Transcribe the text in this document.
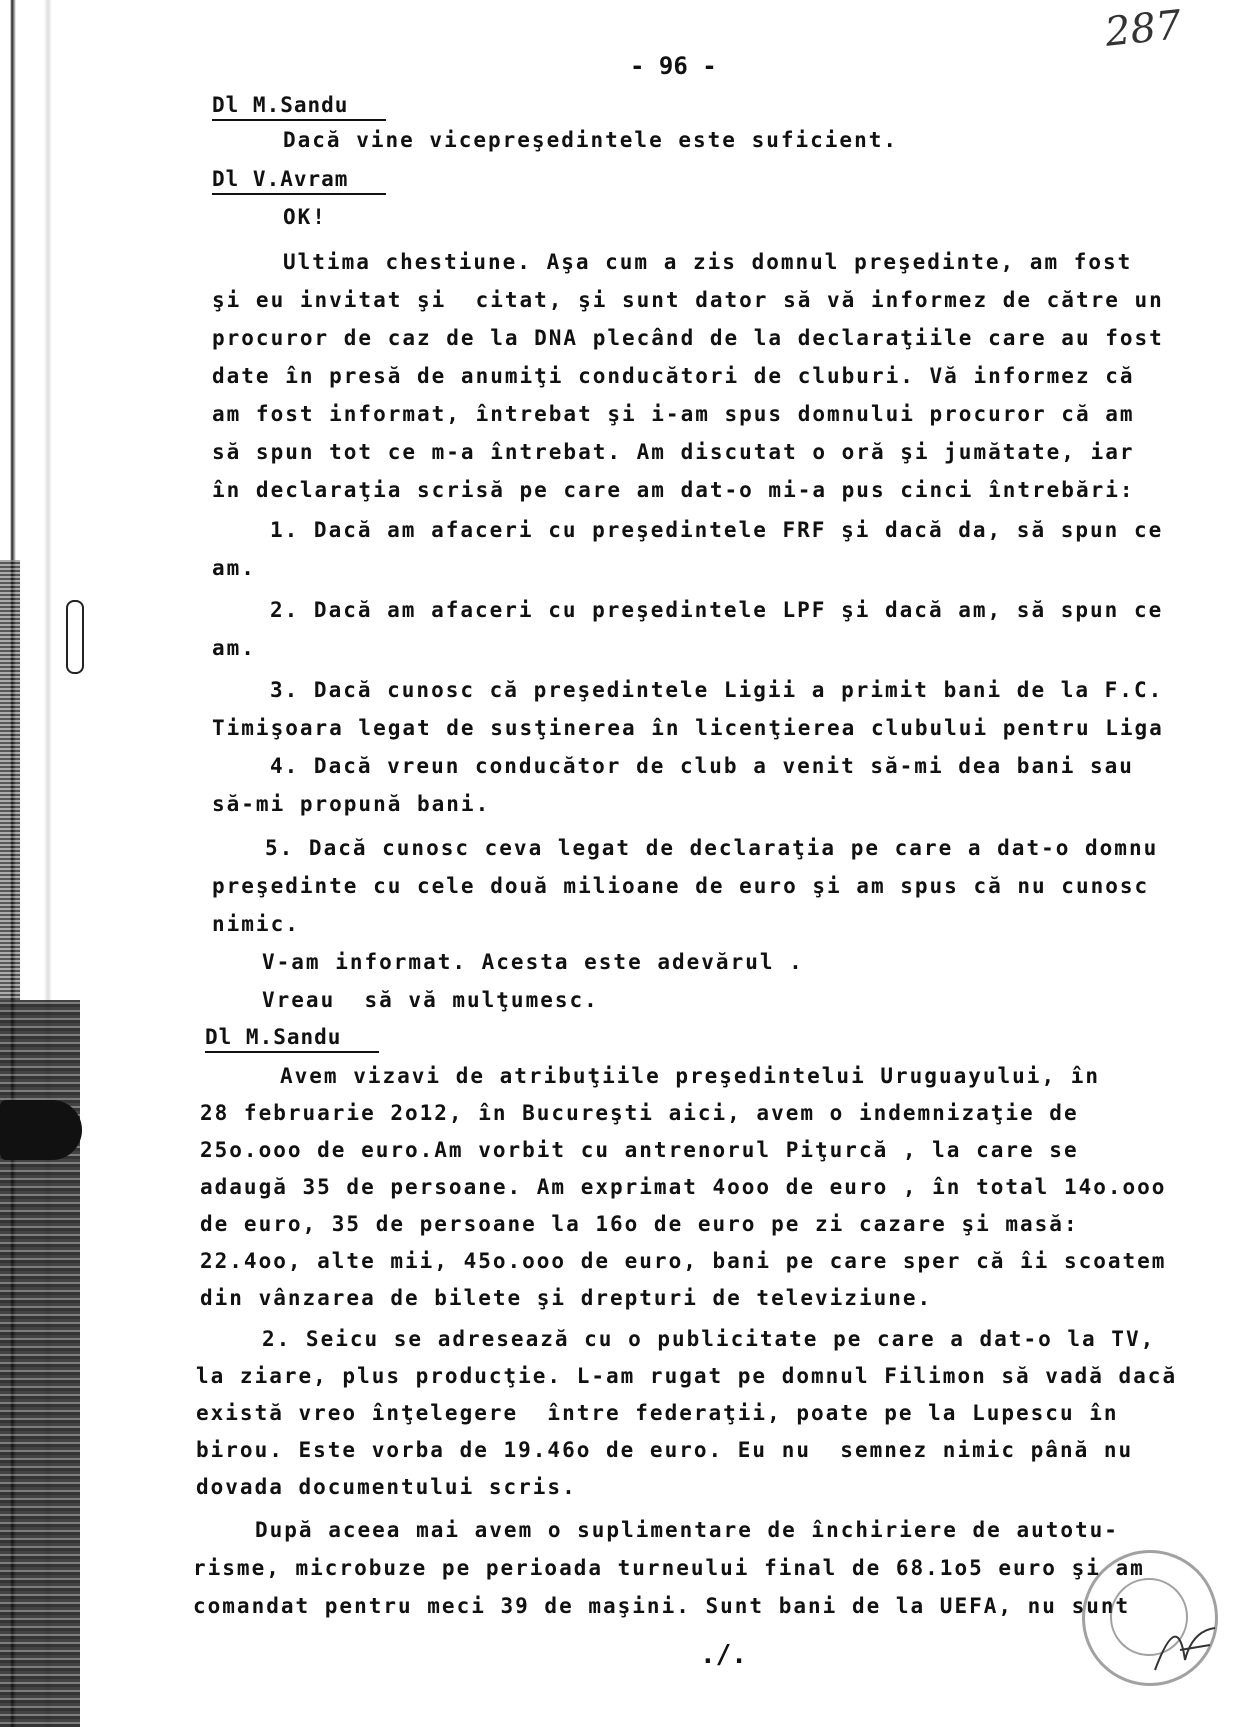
287
- 96 -
Dl M.Sandu
Dacă vine vicepreşedintele este suficient.
Dl V.Avram
OK!
Ultima chestiune. Aşa cum a zis domnul preşedinte, am fost
şi eu invitat şi  citat, şi sunt dator să vă informez de către un
procuror de caz de la DNA plecând de la declaraţiile care au fost
date în presă de anumiţi conducători de cluburi. Vă informez că
am fost informat, întrebat şi i-am spus domnului procuror că am
să spun tot ce m-a întrebat. Am discutat o oră şi jumătate, iar
în declaraţia scrisă pe care am dat-o mi-a pus cinci întrebări:
1. Dacă am afaceri cu preşedintele FRF şi dacă da, să spun ce
am.
2. Dacă am afaceri cu preşedintele LPF şi dacă am, să spun ce
am.
3. Dacă cunosc că preşedintele Ligii a primit bani de la F.C.
Timişoara legat de susţinerea în licenţierea clubului pentru Liga
4. Dacă vreun conducător de club a venit să-mi dea bani sau
să-mi propună bani.
5. Dacă cunosc ceva legat de declaraţia pe care a dat-o domnu
preşedinte cu cele două milioane de euro şi am spus că nu cunosc
nimic.
V-am informat. Acesta este adevărul .
Vreau  să vă mulţumesc.
Dl M.Sandu
Avem vizavi de atribuţiile preşedintelui Uruguayului, în
28 februarie 2o12, în Bucureşti aici, avem o indemnizaţie de
25o.ooo de euro.Am vorbit cu antrenorul Piţurcă , la care se
adaugă 35 de persoane. Am exprimat 4ooo de euro , în total 14o.ooo
de euro, 35 de persoane la 16o de euro pe zi cazare şi masă:
22.4oo, alte mii, 45o.ooo de euro, bani pe care sper că îi scoatem
din vânzarea de bilete şi drepturi de televiziune.
2. Seicu se adresează cu o publicitate pe care a dat-o la TV,
la ziare, plus producţie. L-am rugat pe domnul Filimon să vadă dacă
există vreo înţelegere  între federaţii, poate pe la Lupescu în
birou. Este vorba de 19.46o de euro. Eu nu  semnez nimic până nu
dovada documentului scris.
După aceea mai avem o suplimentare de închiriere de autotu-
risme, microbuze pe perioada turneului final de 68.1o5 euro şi am
comandat pentru meci 39 de maşini. Sunt bani de la UEFA, nu sunt
./.
